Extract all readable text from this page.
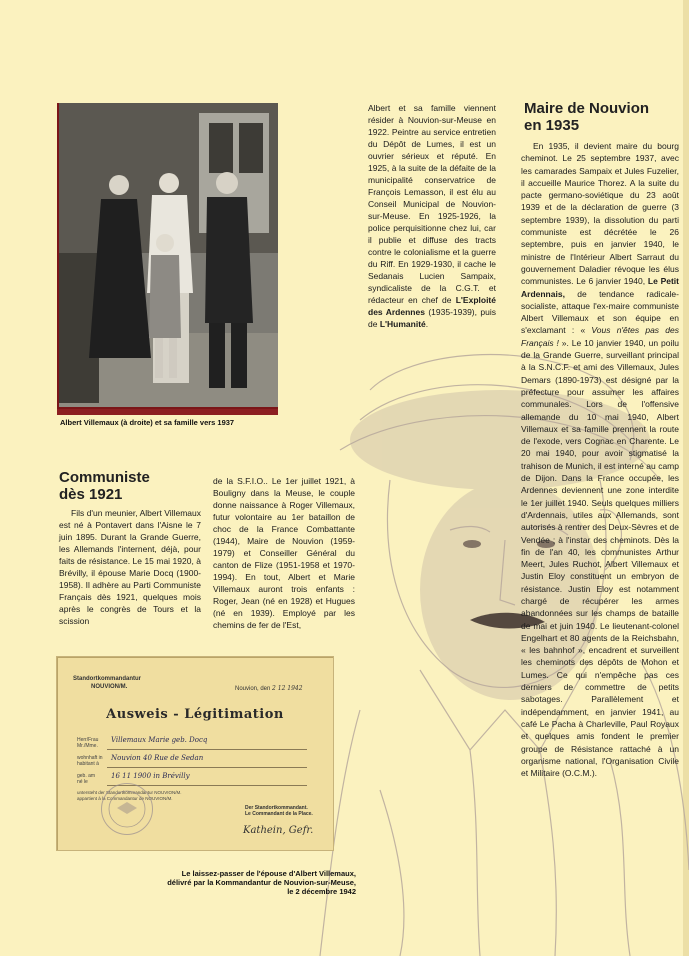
Albert Villemaux (à droite) et sa famille vers 1937

Albert et sa famille viennent résider à Nouvion-sur-Meuse en 1922. Peintre au service entretien du Dépôt de Lumes, il est un ouvrier sérieux et réputé. En 1925, à la suite de la défaite de la municipalité conservatrice de François Lemasson, il est élu au Conseil Municipal de Nouvion-sur-Meuse. En 1925-1926, la police perquisitionne chez lui, car il publie et diffuse des tracts contre le colonialisme et la guerre du Riff. En 1929-1930, il cache le Sedanais Lucien Sampaix, syndicaliste de la C.G.T. et rédacteur en chef de L'Exploité des Ardennes (1935-1939), puis de L'Humanité.

Maire de Nouvion
en 1935

En 1935, il devient maire du bourg cheminot. Le 25 septembre 1937, avec les camarades Sampaix et Jules Fuzelier, il accueille Maurice Thorez. A la suite du pacte germano-soviétique du 23 août 1939 et de la déclaration de guerre (3 septembre 1939), la dissolution du parti communiste est décrétée le 26 septembre, puis en janvier 1940, le ministre de l'Intérieur Albert Sarraut du gouvernement Daladier révoque les élus communistes. Le 6 janvier 1940, Le Petit Ardennais, de tendance radicale-socialiste, attaque l'ex-maire communiste Albert Villemaux et son équipe en s'exclamant : « Vous n'êtes pas des Français ! ». Le 10 janvier 1940, un poilu de la Grande Guerre, surveillant principal à la S.N.C.F. et ami des Villemaux, Jules Demars (1890-1973) est désigné par la préfecture pour assumer les affaires communales. Lors de l'offensive allemande du 10 mai 1940, Albert Villemaux et sa famille prennent la route de l'exode, vers Cognac en Charente. Le 20 mai 1940, pour avoir stigmatisé la trahison de Munich, il est interné au camp de Dijon. Dans la France occupée, les Ardennes deviennent une zone interdite le 1er juillet 1940. Seuls quelques milliers d'Ardennais, utiles aux Allemands, sont autorisés à rentrer des Deux-Sèvres et de Vendée ; à l'instar des cheminots. Dès la fin de l'an 40, les communistes Arthur Meert, Jules Ruchot, Albert Villemaux et Justin Eloy constituent un embryon de résistance. Justin Eloy est notamment chargé de récupérer les armes abandonnées sur les champs de bataille de mai et juin 1940. Le lieutenant-colonel Engelhart et 80 agents de la Reichsbahn, « les bahnhof », encadrent et surveillent les cheminots des dépôts de Mohon et Lumes. Ce qui n'empêche pas ces derniers de commettre de petits sabotages. Parallèlement et indépendamment, en janvier 1941, au café Le Pacha à Charleville, Paul Royaux et quelques amis fondent le premier groupe de Résistance rattaché à un organisme national, l'Organisation Civile et Militaire (O.C.M.).

Communiste
dès 1921

Fils d'un meunier, Albert Villemaux est né à Pontavert dans l'Aisne le 7 juin 1895. Durant la Grande Guerre, les Allemands l'internent, déjà, pour faits de résistance. Le 15 mai 1920, à Brévilly, il épouse Marie Docq (1900-1958). Il adhère au Parti Communiste Français dès 1921, quelques mois après le congrès de Tours et la scission

de la S.F.I.O.. Le 1er juillet 1921, à Bouligny dans la Meuse, le couple donne naissance à Roger Villemaux, futur volontaire au 1er bataillon de choc de la France Combattante (1944), Maire de Nouvion (1959-1979) et Conseiller Général du canton de Flize (1951-1958 et 1970-1994). En tout, Albert et Marie Villemaux auront trois enfants : Roger, Jean (né en 1928) et Hugues (né en 1939). Employé par les chemins de fer de l'Est,

Standortkommandantur
NOUVION/M.	Nouvion, den 2 12 1942
Ausweis - Légitimation
Herr/Frau
Mr./Mme.
Villemaux Marie geb. Docq
wohnhaft in
habitant à
Nouvion 40 Rue de Sedan
geb. am
né le
16 11 1900 in Brévilly
untersteht der Standortkommandantur NOUVION/M.
appartient à la Commandantur de NOUVION/M.
Der Standortkommandant.
Le Commandant de la Place.
Kathein, Gefr.
Le laissez-passer de l'épouse d'Albert Villemaux,
délivré par la Kommandantur de Nouvion-sur-Meuse,
le 2 décembre 1942
